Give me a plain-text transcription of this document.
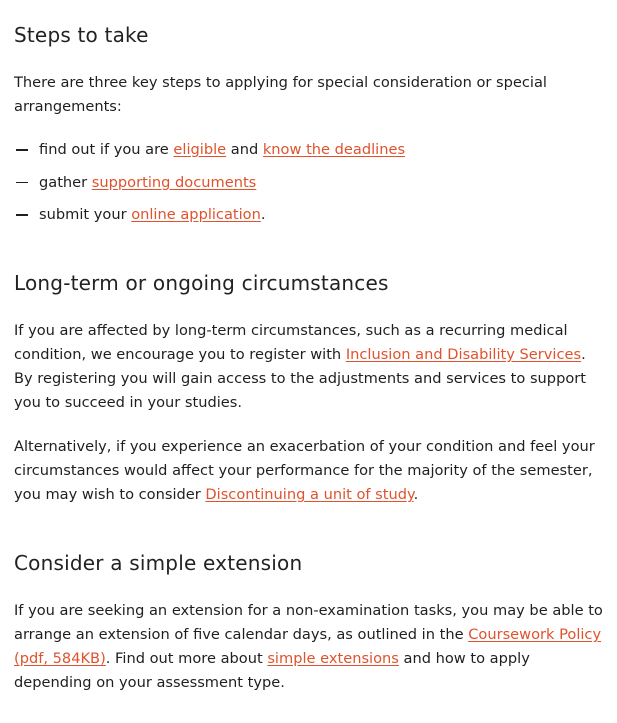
Steps to take

There are three key steps to applying for special consideration or special arrangements:

find out if you are eligible and know the deadlines
gather supporting documents
submit your online application.
Long-term or ongoing circumstances

If you are affected by long-term circumstances, such as a recurring medical condition, we encourage you to register with Inclusion and Disability Services. By registering you will gain access to the adjustments and services to support you to succeed in your studies.

Alternatively, if you experience an exacerbation of your condition and feel your circumstances would affect your performance for the majority of the semester, you may wish to consider Discontinuing a unit of study.

Consider a simple extension

If you are seeking an extension for a non-examination tasks, you may be able to arrange an extension of five calendar days, as outlined in the Coursework Policy (pdf, 584KB). Find out more about simple extensions and how to apply depending on your assessment type.
